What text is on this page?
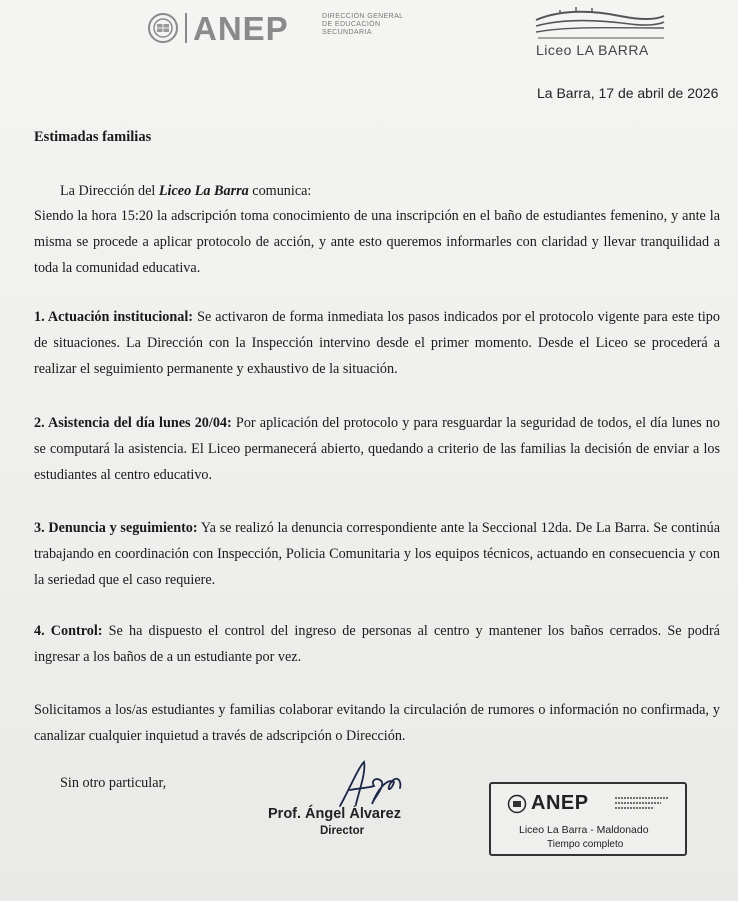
ANEP	DIRECCIÓN GENERAL
DE EDUCACIÓN
SECUNDARIA
Liceo LA BARRA
La Barra, 17 de abril de 2026
Estimadas familias
La Dirección del Liceo La Barra comunica:
Siendo la hora 15:20 la adscripción toma conocimiento de una inscripción en el baño de estudiantes femenino, y ante la misma se procede a aplicar protocolo de acción, y ante esto queremos informarles con claridad y llevar tranquilidad a toda la comunidad educativa.
1. Actuación institucional: Se activaron de forma inmediata los pasos indicados por el protocolo vigente para este tipo de situaciones. La Dirección con la Inspección intervino desde el primer momento. Desde el Liceo se procederá a realizar el seguimiento permanente y exhaustivo de la situación.
2. Asistencia del día lunes 20/04: Por aplicación del protocolo y para resguardar la seguridad de todos, el día lunes no se computará la asistencia. El Liceo permanecerá abierto, quedando a criterio de las familias la decisión de enviar a los estudiantes al centro educativo.
3. Denuncia y seguimiento: Ya se realizó la denuncia correspondiente ante la Seccional 12da. De La Barra. Se continúa trabajando en coordinación con Inspección, Policia Comunitaria y los equipos técnicos, actuando en consecuencia y con la seriedad que el caso requiere.
4. Control: Se ha dispuesto el control del ingreso de personas al centro y mantener los baños cerrados. Se podrá ingresar a los baños de a un estudiante por vez.
Solicitamos a los/as estudiantes y familias colaborar evitando la circulación de rumores o información no confirmada, y canalizar cualquier inquietud a través de adscripción o Dirección.
Sin otro particular,
Prof. Ángel Álvarez
Director
ANEP
Liceo La Barra - Maldonado
Tiempo completo
